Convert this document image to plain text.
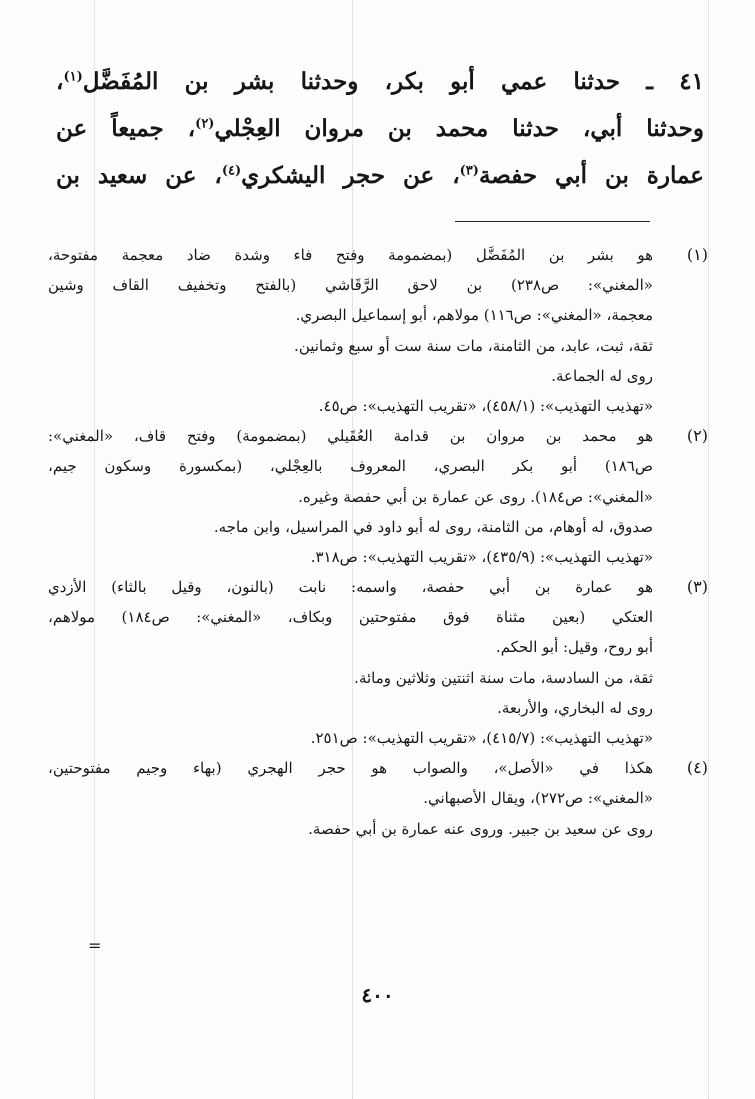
٤١ ـ حدثنا عمي أبو بكر، وحدثنا بشر بن المُفَضَّل$^{(١)}$،
وحدثنا أبي، حدثنا محمد بن مروان العِجْلي$^{(٢)}$، جميعاً عن
عمارة بن أبي حفصة$^{(٣)}$، عن حجر اليشكري$^{(٤)}$، عن سعيد بن
(١)
هو بشر بن المُفَضَّل (بمضمومة وفتح فاء وشدة ضاد معجمة مفتوحة،
«المغني»: ص٢٣٨) بن لاحق الرَّقَاشي (بالفتح وتخفيف القاف وشين
معجمة، «المغني»: ص١١٦) مولاهم، أبو إسماعيل البصري.
ثقة، ثبت، عابد، من الثامنة، مات سنة ست أو سبع وثمانين.
روى له الجماعة.
«تهذيب التهذيب»: (٤٥٨/١)، «تقريب التهذيب»: ص٤٥.
(٢)
هو محمد بن مروان بن قدامة العُقَيلي (بمضمومة) وفتح قاف، «المغني»:
ص١٨٦) أبو بكر البصري، المعروف بالعِجْلي، (بمكسورة وسكون جيم،
«المغني»: ص١٨٤). روى عن عمارة بن أبي حفصة وغيره.
صدوق، له أوهام، من الثامنة، روى له أبو داود في المراسيل، وابن ماجه.
«تهذيب التهذيب»: (٤٣٥/٩)، «تقريب التهذيب»: ص٣١٨.
(٣)
هو عمارة بن أبي حفصة، واسمه: نابت (بالنون، وقيل بالثاء) الأزدي
العتكي (بعين مثناة فوق مفتوحتين وبكاف، «المغني»: ص١٨٤) مولاهم،
أبو روح، وقيل: أبو الحكم.
ثقة، من السادسة، مات سنة اثنتين وثلاثين ومائة.
روى له البخاري، والأربعة.
«تهذيب التهذيب»: (٤١٥/٧)، «تقريب التهذيب»: ص٢٥١.
(٤)
هكذا في «الأصل»، والصواب هو حجر الهجري (بهاء وجيم مفتوحتين،
«المغني»: ص٢٧٢)، ويقال الأصبهاني.
روى عن سعيد بن جبير. وروى عنه عمارة بن أبي حفصة.
=
٤٠٠
